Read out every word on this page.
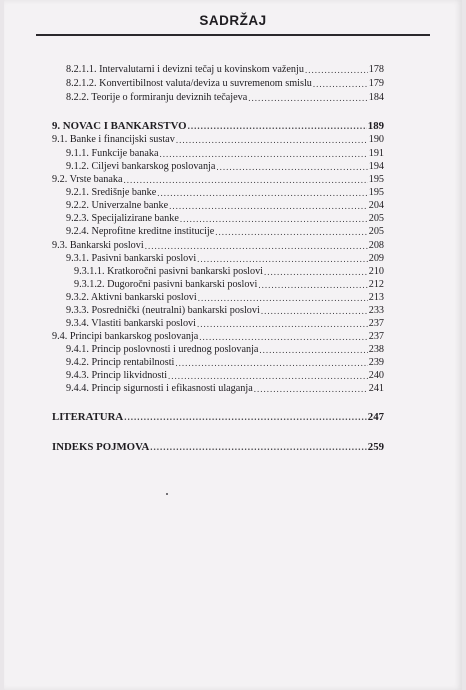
SADRŽAJ
8.2.1.1. Intervalutarni i devizni tečaj u kovinskom važenju .....	178
8.2.1.2. Konvertibilnost valuta/deviza u suvremenom smislu .....	179
8.2.2. Teorije o formiranju deviznih tečajeva .....	184
9. NOVAC I BANKARSTVO .....	189
9.1. Banke i financijski sustav .....	190
9.1.1. Funkcije banaka .....	191
9.1.2. Ciljevi bankarskog poslovanja .....	194
9.2. Vrste banaka .....	195
9.2.1. Središnje banke .....	195
9.2.2. Univerzalne banke .....	204
9.2.3. Specijalizirane banke .....	205
9.2.4. Neprofitne kreditne institucije .....	205
9.3. Bankarski poslovi .....	208
9.3.1. Pasivni bankarski poslovi .....	209
9.3.1.1. Kratkoročni pasivni bankarski poslovi .....	210
9.3.1.2. Dugoročni pasivni bankarski poslovi .....	212
9.3.2. Aktivni bankarski poslovi .....	213
9.3.3. Posrednički (neutralni) bankarski poslovi .....	233
9.3.4. Vlastiti bankarski poslovi .....	237
9.4. Principi bankarskog poslovanja .....	237
9.4.1. Princip poslovnosti i urednog poslovanja .....	238
9.4.2. Princip rentabilnosti .....	239
9.4.3. Princip likvidnosti .....	240
9.4.4. Princip sigurnosti i efikasnosti ulaganja .....	241
LITERATURA .....	247
INDEKS POJMOVA .....	259
